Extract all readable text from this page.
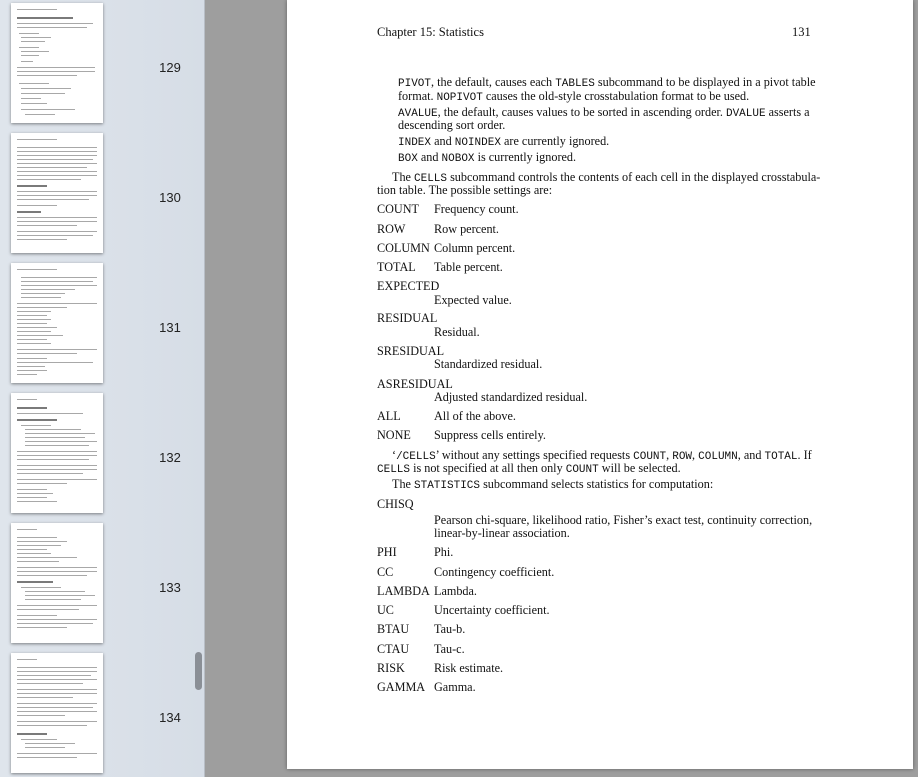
129
130
131
132
133
134
Chapter 15: Statistics	131
PIVOT, the default, causes each TABLES subcommand to be displayed in a pivot table
format. NOPIVOT causes the old-style crosstabulation format to be used.
AVALUE, the default, causes values to be sorted in ascending order. DVALUE asserts a
descending sort order.
INDEX and NOINDEX are currently ignored.
BOX and NOBOX is currently ignored.
The CELLS subcommand controls the contents of each cell in the displayed crosstabula-
tion table. The possible settings are:
COUNT Frequency count.
ROW Row percent.
COLUMN Column percent.
TOTAL Table percent.
EXPECTED
Expected value.
RESIDUAL
Residual.
SRESIDUAL
Standardized residual.
ASRESIDUAL
Adjusted standardized residual.
ALL	All of the above.
NONE Suppress cells entirely.
‘/CELLS’ without any settings specified requests COUNT, ROW, COLUMN, and TOTAL. If
CELLS is not specified at all then only COUNT will be selected.
The STATISTICS subcommand selects statistics for computation:
CHISQ
Pearson chi-square, likelihood ratio, Fisher’s exact test, continuity correction,
linear-by-linear association.
PHI	Phi.
CC	Contingency coefficient.
LAMBDA Lambda.
UC	Uncertainty coefficient.
BTAU Tau-b.
CTAU Tau-c.
RISK Risk estimate.
GAMMA Gamma.
